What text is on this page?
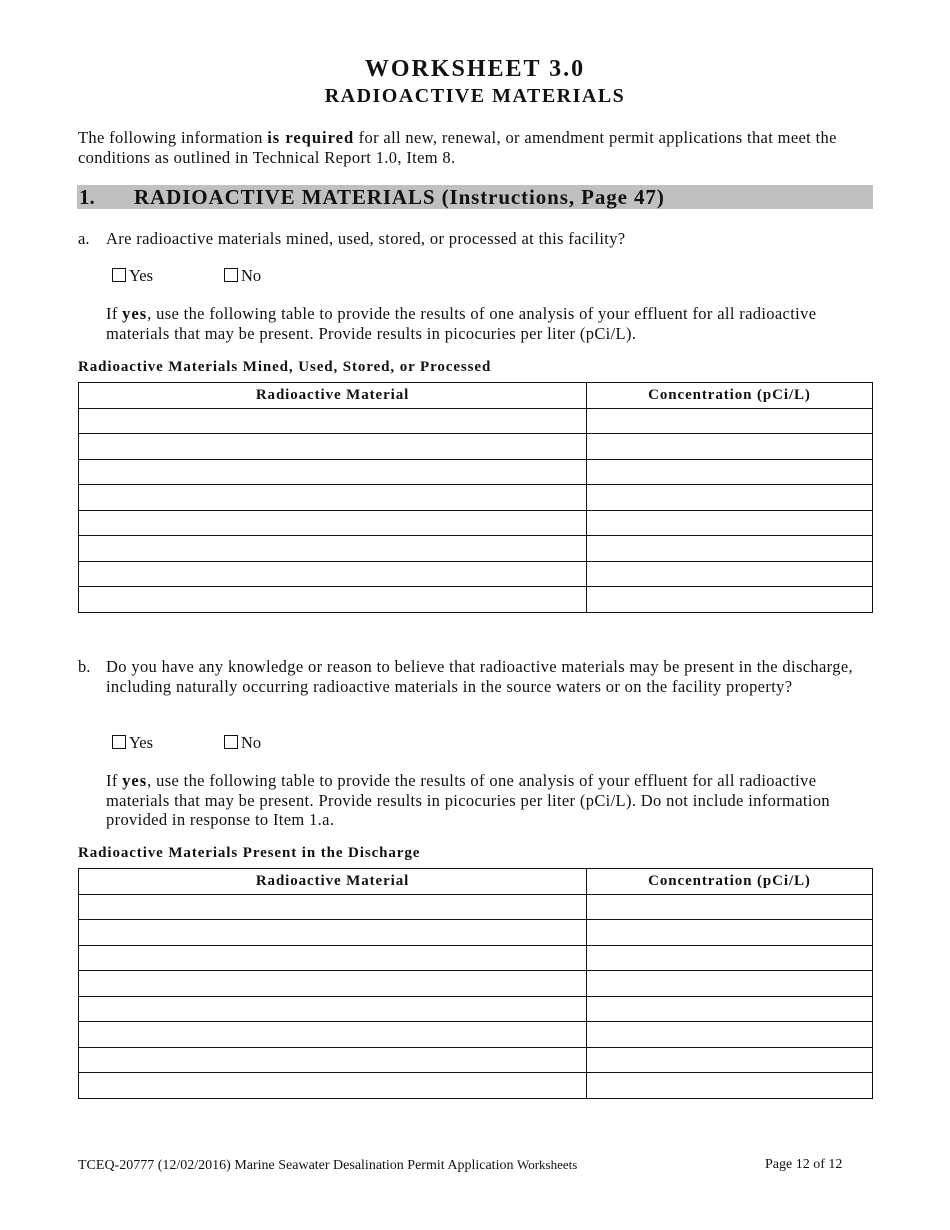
WORKSHEET 3.0
RADIOACTIVE MATERIALS
The following information is required for all new, renewal, or amendment permit applications that meet the conditions as outlined in Technical Report 1.0, Item 8.
1. RADIOACTIVE MATERIALS (Instructions, Page 47)
a. Are radioactive materials mined, used, stored, or processed at this facility?
Yes	No
If yes, use the following table to provide the results of one analysis of your effluent for all radioactive materials that may be present. Provide results in picocuries per liter (pCi/L).
Radioactive Materials Mined, Used, Stored, or Processed
Radioactive Material	Concentration (pCi/L)

b. Do you have any knowledge or reason to believe that radioactive materials may be present in the discharge, including naturally occurring radioactive materials in the source waters or on the facility property?
Yes	No
If yes, use the following table to provide the results of one analysis of your effluent for all radioactive materials that may be present. Provide results in picocuries per liter (pCi/L). Do not include information provided in response to Item 1.a.
Radioactive Materials Present in the Discharge
Radioactive Material	Concentration (pCi/L)

TCEQ-20777 (12/02/2016) Marine Seawater Desalination Permit Application Worksheets	Page 12 of 12
